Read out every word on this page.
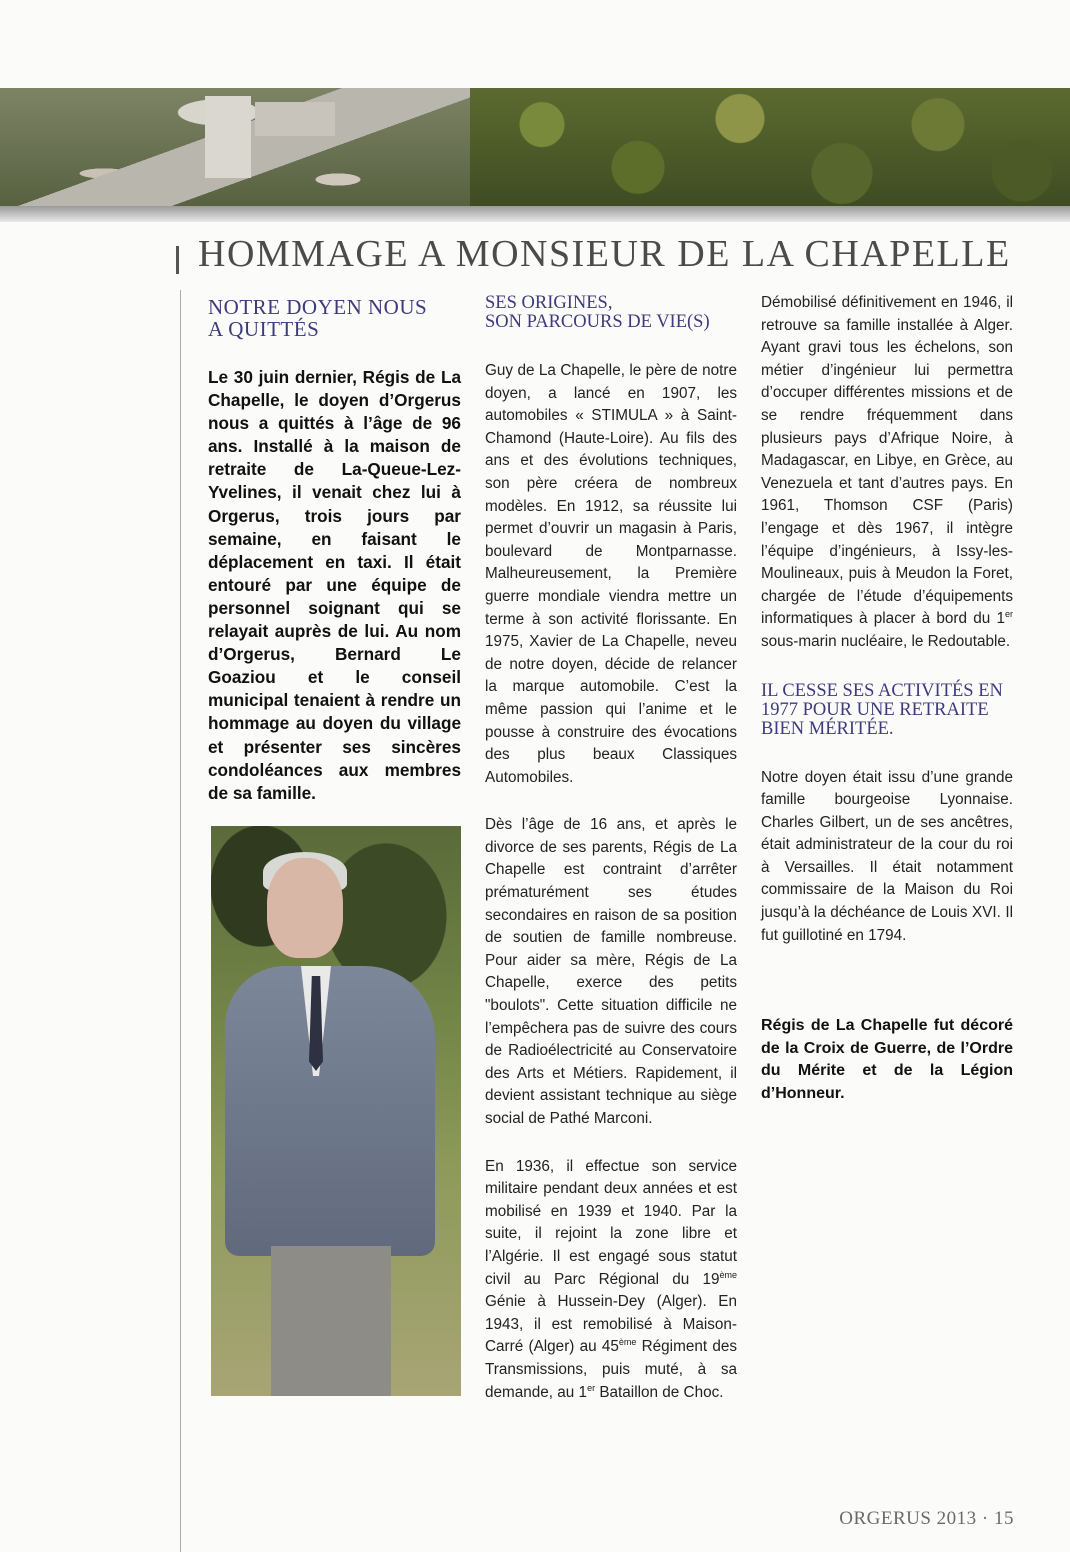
HOMMAGE A MONSIEUR DE LA CHAPELLE
NOTRE DOYEN NOUS
A QUITTÉS

Le 30 juin dernier, Régis de La Chapelle, le doyen d’Orgerus nous a quittés à l’âge de 96 ans. Installé à la maison de retraite de La-Queue-Lez-Yvelines, il venait chez lui à Orgerus, trois jours par semaine, en faisant le déplacement en taxi. Il était entouré par une équipe de personnel soignant qui se relayait auprès de lui. Au nom d’Orgerus, Bernard Le Goaziou et le conseil municipal tenaient à rendre un hommage au doyen du village et présenter ses sincères condoléances aux membres de sa famille.

SES ORIGINES,
SON PARCOURS DE VIE(S)

Guy de La Chapelle, le père de notre doyen, a lancé en 1907, les automobiles « STIMULA » à Saint-Chamond (Haute-Loire). Au fils des ans et des évolutions techniques, son père créera de nombreux modèles. En 1912, sa réussite lui permet d’ouvrir un magasin à Paris, boulevard de Montparnasse. Malheureusement, la Première guerre mondiale viendra mettre un terme à son activité florissante. En 1975, Xavier de La Chapelle, neveu de notre doyen, décide de relancer la marque automobile. C’est la même passion qui l’anime et le pousse à construire des évocations des plus beaux Classiques Automobiles.

Dès l’âge de 16 ans, et après le divorce de ses parents, Régis de La Chapelle est contraint d’arrêter prématurément ses études secondaires en raison de sa position de soutien de famille nombreuse. Pour aider sa mère, Régis de La Chapelle, exerce des petits "boulots". Cette situation difficile ne l’empêchera pas de suivre des cours de Radioélectricité au Conservatoire des Arts et Métiers. Rapidement, il devient assistant technique au siège social de Pathé Marconi.

En 1936, il effectue son service militaire pendant deux années et est mobilisé en 1939 et 1940. Par la suite, il rejoint la zone libre et l’Algérie. Il est engagé sous statut civil au Parc Régional du 19ème Génie à Hussein-Dey (Alger). En 1943, il est remobilisé à Maison-Carré (Alger) au 45ème Régiment des Transmissions, puis muté, à sa demande, au 1er Bataillon de Choc.

Démobilisé définitivement en 1946, il retrouve sa famille installée à Alger. Ayant gravi tous les échelons, son métier d’ingénieur lui permettra d’occuper différentes missions et de se rendre fréquemment dans plusieurs pays d’Afrique Noire, à Madagascar, en Libye, en Grèce, au Venezuela et tant d’autres pays. En 1961, Thomson CSF (Paris) l’engage et dès 1967, il intègre l’équipe d’ingénieurs, à Issy-les-Moulineaux, puis à Meudon la Foret, chargée de l’étude d’équipements informatiques à placer à bord du 1er sous-marin nucléaire, le Redoutable.

IL CESSE SES ACTIVITÉS EN
1977 POUR UNE RETRAITE
BIEN MÉRITÉE.

Notre doyen était issu d’une grande famille bourgeoise Lyonnaise. Charles Gilbert, un de ses ancêtres, était administrateur de la cour du roi à Versailles. Il était notamment commissaire de la Maison du Roi jusqu’à la déchéance de Louis XVI. Il fut guillotiné en 1794.

Régis de La Chapelle fut décoré de la Croix de Guerre, de l’Ordre du Mérite et de la Légion d’Honneur.

ORGERUS 2013 · 15
